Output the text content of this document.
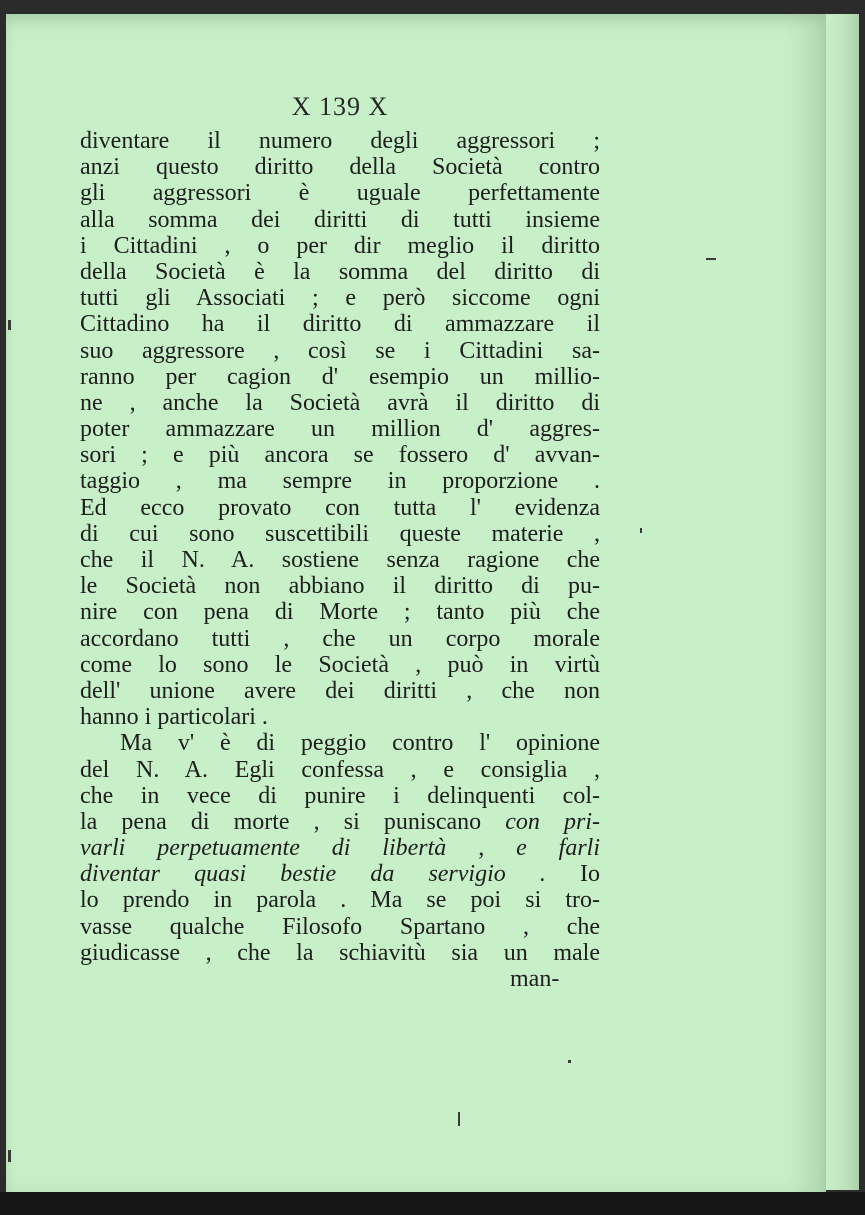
X 139 X
diventare il numero degli aggressori ;
anzi questo diritto della Società contro
gli aggressori è uguale perfettamente
alla somma dei diritti di tutti insieme
i Cittadini , o per dir meglio il diritto
della Società è la somma del diritto di
tutti gli Associati ; e però siccome ogni
Cittadino ha il diritto di ammazzare il
suo aggressore , così se i Cittadini sa-
ranno per cagion d' esempio un millio-
ne , anche la Società avrà il diritto di
poter ammazzare un million d' aggres-
sori ; e più ancora se fossero d' avvan-
taggio , ma sempre in proporzione .
Ed ecco provato con tutta l' evidenza
di cui sono suscettibili queste materie ,
che il N. A. sostiene senza ragione che
le Società non abbiano il diritto di pu-
nire con pena di Morte ; tanto più che
accordano tutti , che un corpo morale
come lo sono le Società , può in virtù
dell' unione avere dei diritti , che non
hanno i particolari .
Ma v' è di peggio contro l' opinione
del N. A. Egli confessa , e consiglia ,
che in vece di punire i delinquenti col-
la pena di morte , si puniscano con pri-
varli perpetuamente di libertà , e farli
diventar quasi bestie da servigio . Io
lo prendo in parola . Ma se poi si tro-
vasse qualche Filosofo Spartano , che
giudicasse , che la schiavitù sia un male
man-
